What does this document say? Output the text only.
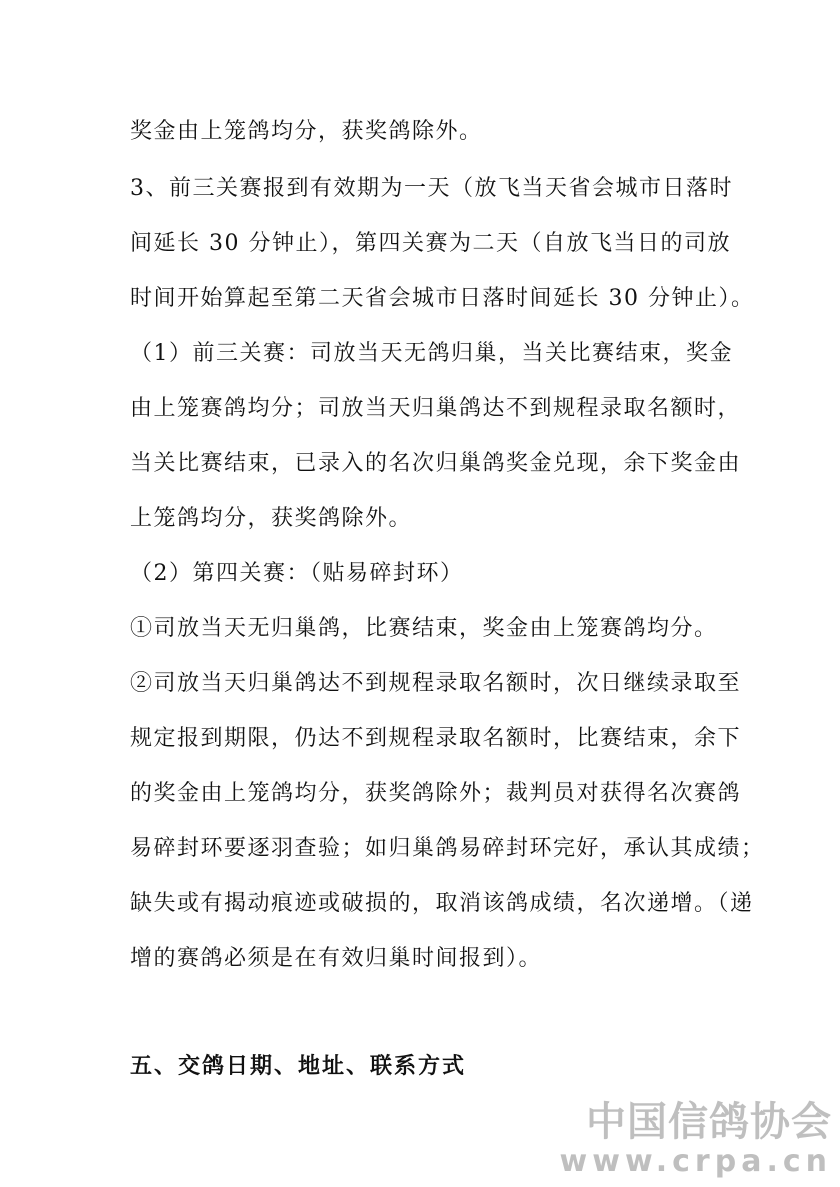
奖金由上笼鸽均分，获奖鸽除外。
3、前三关赛报到有效期为一天（放飞当天省会城市日落时
间延长 30 分钟止），第四关赛为二天（自放飞当日的司放
时间开始算起至第二天省会城市日落时间延长 30 分钟止）。
（1）前三关赛：司放当天无鸽归巢，当关比赛结束，奖金
由上笼赛鸽均分；司放当天归巢鸽达不到规程录取名额时，
当关比赛结束，已录入的名次归巢鸽奖金兑现，余下奖金由
上笼鸽均分，获奖鸽除外。
（2）第四关赛：（贴易碎封环）
①司放当天无归巢鸽，比赛结束，奖金由上笼赛鸽均分。
②司放当天归巢鸽达不到规程录取名额时，次日继续录取至
规定报到期限，仍达不到规程录取名额时，比赛结束，余下
的奖金由上笼鸽均分，获奖鸽除外；裁判员对获得名次赛鸽
易碎封环要逐羽查验；如归巢鸽易碎封环完好，承认其成绩；
缺失或有揭动痕迹或破损的，取消该鸽成绩，名次递增。（递
增的赛鸽必须是在有效归巢时间报到）。
五、交鸽日期、地址、联系方式
中国信鸽协会
www.crpa.cn
